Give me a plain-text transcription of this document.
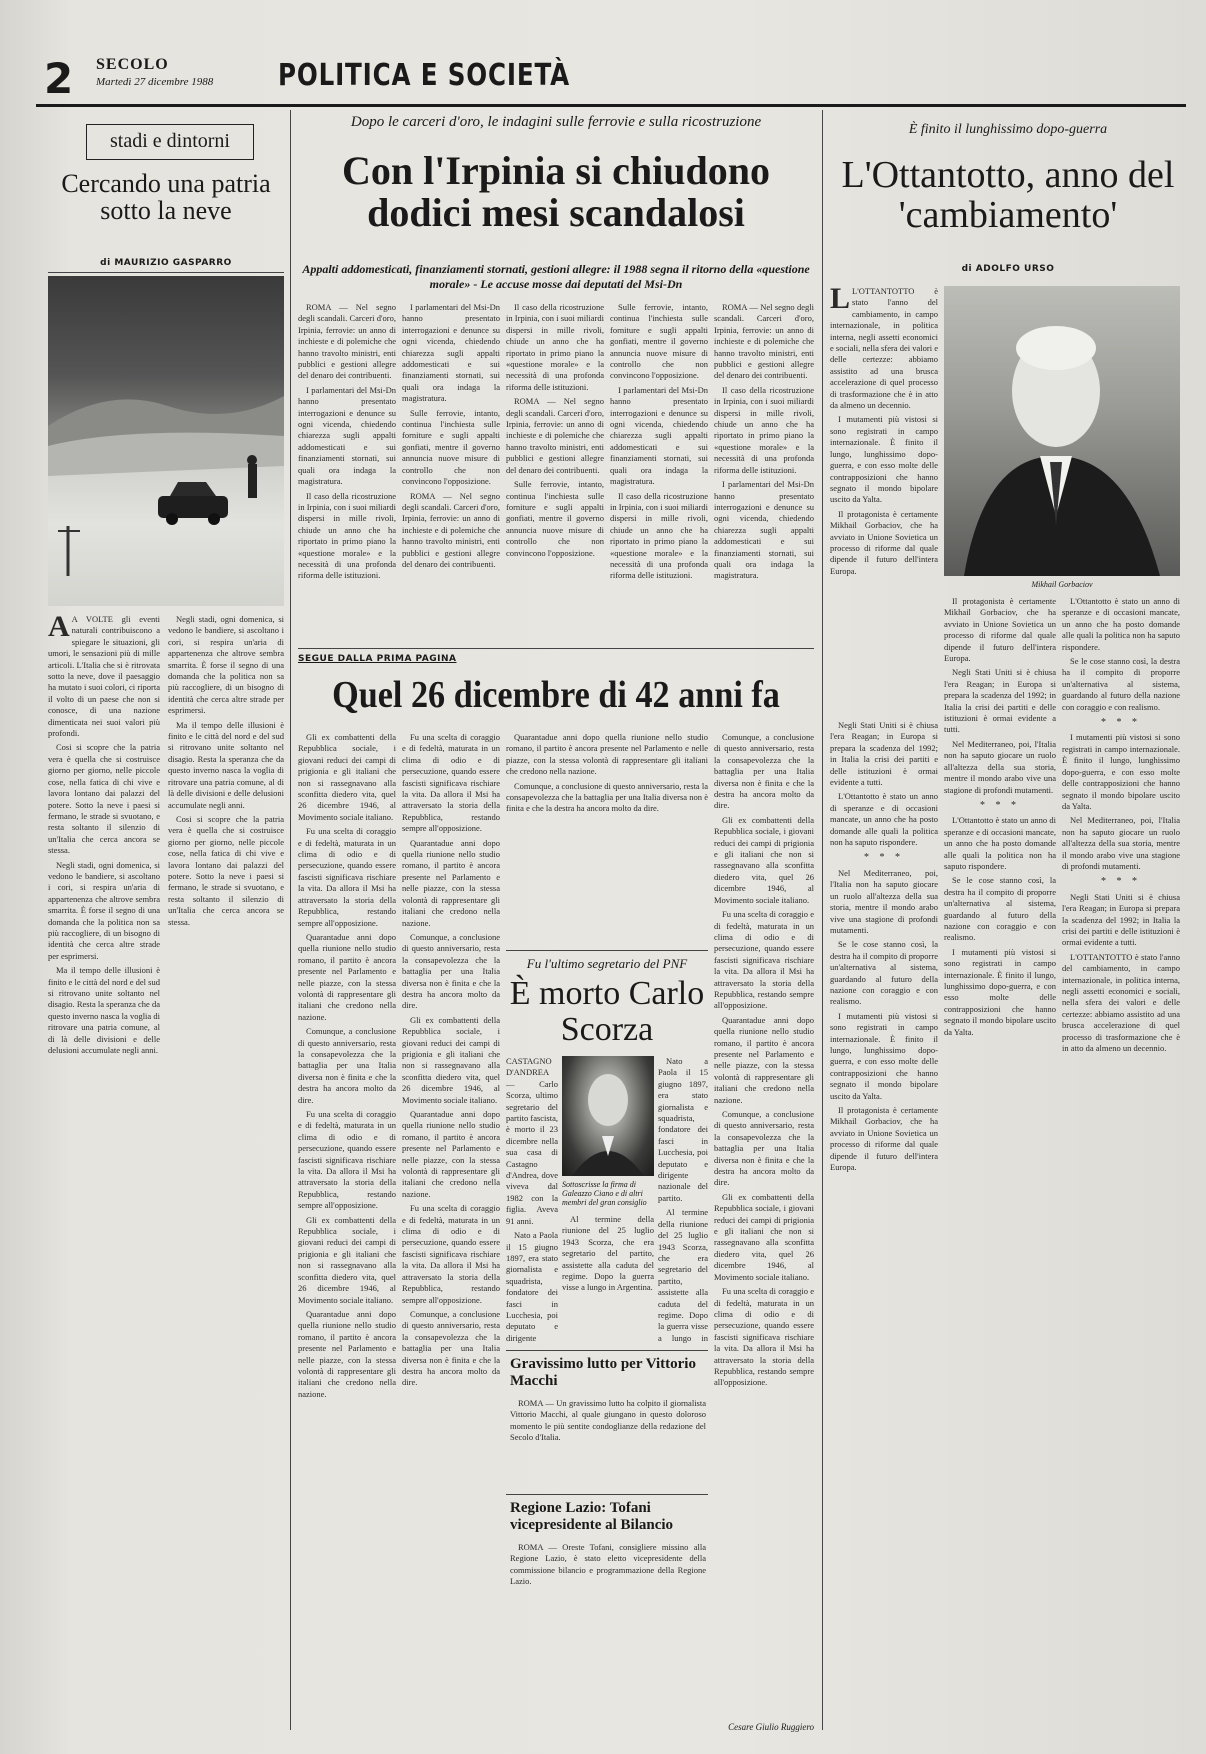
2 SECOLO
Martedì 27 dicembre 1988 POLITICA E SOCIETÀ
stadi e dintorni
Cercando una patria sotto la neve
di MAURIZIO GASPARRO

A A VOLTE gli eventi naturali contribuiscono a spiegare le situazioni, gli umori, le sensazioni più di mille articoli. L'Italia che si è ritrovata sotto la neve, dove il paesaggio ha mutato i suoi colori, ci riporta il volto di un paese che non si conosce, di una nazione dimenticata nei suoi valori più profondi.

Cosi si scopre che la patria vera è quella che si costruisce giorno per giorno, nelle piccole cose, nella fatica di chi vive e lavora lontano dai palazzi del potere. Sotto la neve i paesi si fermano, le strade si svuotano, e resta soltanto il silenzio di un'Italia che cerca ancora se stessa.

Negli stadi, ogni domenica, si vedono le bandiere, si ascoltano i cori, si respira un'aria di appartenenza che altrove sembra smarrita. È forse il segno di una domanda che la politica non sa più raccogliere, di un bisogno di identità che cerca altre strade per esprimersi.

Ma il tempo delle illusioni è finito e le città del nord e del sud si ritrovano unite soltanto nel disagio. Resta la speranza che da questo inverno nasca la voglia di ritrovare una patria comune, al di là delle divisioni e delle delusioni accumulate negli anni.

Negli stadi, ogni domenica, si vedono le bandiere, si ascoltano i cori, si respira un'aria di appartenenza che altrove sembra smarrita. È forse il segno di una domanda che la politica non sa più raccogliere, di un bisogno di identità che cerca altre strade per esprimersi.

Ma il tempo delle illusioni è finito e le città del nord e del sud si ritrovano unite soltanto nel disagio. Resta la speranza che da questo inverno nasca la voglia di ritrovare una patria comune, al di là delle divisioni e delle delusioni accumulate negli anni.

Cosi si scopre che la patria vera è quella che si costruisce giorno per giorno, nelle piccole cose, nella fatica di chi vive e lavora lontano dai palazzi del potere. Sotto la neve i paesi si fermano, le strade si svuotano, e resta soltanto il silenzio di un'Italia che cerca ancora se stessa.

Dopo le carceri d'oro, le indagini sulle ferrovie e sulla ricostruzione
Con l'Irpinia si chiudono dodici mesi scandalosi
Appalti addomesticati, finanziamenti stornati, gestioni allegre: il 1988 segna il ritorno della «questione morale» - Le accuse mosse dai deputati del Msi-Dn

ROMA — Nel segno degli scandali. Carceri d'oro, Irpinia, ferrovie: un anno di inchieste e di polemiche che hanno travolto ministri, enti pubblici e gestioni allegre del denaro dei contribuenti.

I parlamentari del Msi-Dn hanno presentato interrogazioni e denunce su ogni vicenda, chiedendo chiarezza sugli appalti addomesticati e sui finanziamenti stornati, sui quali ora indaga la magistratura.

Il caso della ricostruzione in Irpinia, con i suoi miliardi dispersi in mille rivoli, chiude un anno che ha riportato in primo piano la «questione morale» e la necessità di una profonda riforma delle istituzioni.

I parlamentari del Msi-Dn hanno presentato interrogazioni e denunce su ogni vicenda, chiedendo chiarezza sugli appalti addomesticati e sui finanziamenti stornati, sui quali ora indaga la magistratura.

Sulle ferrovie, intanto, continua l'inchiesta sulle forniture e sugli appalti gonfiati, mentre il governo annuncia nuove misure di controllo che non convincono l'opposizione.

ROMA — Nel segno degli scandali. Carceri d'oro, Irpinia, ferrovie: un anno di inchieste e di polemiche che hanno travolto ministri, enti pubblici e gestioni allegre del denaro dei contribuenti.

Il caso della ricostruzione in Irpinia, con i suoi miliardi dispersi in mille rivoli, chiude un anno che ha riportato in primo piano la «questione morale» e la necessità di una profonda riforma delle istituzioni.

ROMA — Nel segno degli scandali. Carceri d'oro, Irpinia, ferrovie: un anno di inchieste e di polemiche che hanno travolto ministri, enti pubblici e gestioni allegre del denaro dei contribuenti.

Sulle ferrovie, intanto, continua l'inchiesta sulle forniture e sugli appalti gonfiati, mentre il governo annuncia nuove misure di controllo che non convincono l'opposizione.

Sulle ferrovie, intanto, continua l'inchiesta sulle forniture e sugli appalti gonfiati, mentre il governo annuncia nuove misure di controllo che non convincono l'opposizione.

I parlamentari del Msi-Dn hanno presentato interrogazioni e denunce su ogni vicenda, chiedendo chiarezza sugli appalti addomesticati e sui finanziamenti stornati, sui quali ora indaga la magistratura.

Il caso della ricostruzione in Irpinia, con i suoi miliardi dispersi in mille rivoli, chiude un anno che ha riportato in primo piano la «questione morale» e la necessità di una profonda riforma delle istituzioni.

ROMA — Nel segno degli scandali. Carceri d'oro, Irpinia, ferrovie: un anno di inchieste e di polemiche che hanno travolto ministri, enti pubblici e gestioni allegre del denaro dei contribuenti.

Il caso della ricostruzione in Irpinia, con i suoi miliardi dispersi in mille rivoli, chiude un anno che ha riportato in primo piano la «questione morale» e la necessità di una profonda riforma delle istituzioni.

I parlamentari del Msi-Dn hanno presentato interrogazioni e denunce su ogni vicenda, chiedendo chiarezza sugli appalti addomesticati e sui finanziamenti stornati, sui quali ora indaga la magistratura.

SEGUE DALLA PRIMA PAGINA
Quel 26 dicembre di 42 anni fa

Gli ex combattenti della Repubblica sociale, i giovani reduci dei campi di prigionia e gli italiani che non si rassegnavano alla sconfitta diedero vita, quel 26 dicembre 1946, al Movimento sociale italiano.

Fu una scelta di coraggio e di fedeltà, maturata in un clima di odio e di persecuzione, quando essere fascisti significava rischiare la vita. Da allora il Msi ha attraversato la storia della Repubblica, restando sempre all'opposizione.

Quarantadue anni dopo quella riunione nello studio romano, il partito è ancora presente nel Parlamento e nelle piazze, con la stessa volontà di rappresentare gli italiani che credono nella nazione.

Comunque, a conclusione di questo anniversario, resta la consapevolezza che la battaglia per una Italia diversa non è finita e che la destra ha ancora molto da dire.

Fu una scelta di coraggio e di fedeltà, maturata in un clima di odio e di persecuzione, quando essere fascisti significava rischiare la vita. Da allora il Msi ha attraversato la storia della Repubblica, restando sempre all'opposizione.

Gli ex combattenti della Repubblica sociale, i giovani reduci dei campi di prigionia e gli italiani che non si rassegnavano alla sconfitta diedero vita, quel 26 dicembre 1946, al Movimento sociale italiano.

Quarantadue anni dopo quella riunione nello studio romano, il partito è ancora presente nel Parlamento e nelle piazze, con la stessa volontà di rappresentare gli italiani che credono nella nazione.

Fu una scelta di coraggio e di fedeltà, maturata in un clima di odio e di persecuzione, quando essere fascisti significava rischiare la vita. Da allora il Msi ha attraversato la storia della Repubblica, restando sempre all'opposizione.

Quarantadue anni dopo quella riunione nello studio romano, il partito è ancora presente nel Parlamento e nelle piazze, con la stessa volontà di rappresentare gli italiani che credono nella nazione.

Comunque, a conclusione di questo anniversario, resta la consapevolezza che la battaglia per una Italia diversa non è finita e che la destra ha ancora molto da dire.

Gli ex combattenti della Repubblica sociale, i giovani reduci dei campi di prigionia e gli italiani che non si rassegnavano alla sconfitta diedero vita, quel 26 dicembre 1946, al Movimento sociale italiano.

Quarantadue anni dopo quella riunione nello studio romano, il partito è ancora presente nel Parlamento e nelle piazze, con la stessa volontà di rappresentare gli italiani che credono nella nazione.

Fu una scelta di coraggio e di fedeltà, maturata in un clima di odio e di persecuzione, quando essere fascisti significava rischiare la vita. Da allora il Msi ha attraversato la storia della Repubblica, restando sempre all'opposizione.

Comunque, a conclusione di questo anniversario, resta la consapevolezza che la battaglia per una Italia diversa non è finita e che la destra ha ancora molto da dire.

Quarantadue anni dopo quella riunione nello studio romano, il partito è ancora presente nel Parlamento e nelle piazze, con la stessa volontà di rappresentare gli italiani che credono nella nazione.

Comunque, a conclusione di questo anniversario, resta la consapevolezza che la battaglia per una Italia diversa non è finita e che la destra ha ancora molto da dire.

Comunque, a conclusione di questo anniversario, resta la consapevolezza che la battaglia per una Italia diversa non è finita e che la destra ha ancora molto da dire.

Gli ex combattenti della Repubblica sociale, i giovani reduci dei campi di prigionia e gli italiani che non si rassegnavano alla sconfitta diedero vita, quel 26 dicembre 1946, al Movimento sociale italiano.

Fu una scelta di coraggio e di fedeltà, maturata in un clima di odio e di persecuzione, quando essere fascisti significava rischiare la vita. Da allora il Msi ha attraversato la storia della Repubblica, restando sempre all'opposizione.

Quarantadue anni dopo quella riunione nello studio romano, il partito è ancora presente nel Parlamento e nelle piazze, con la stessa volontà di rappresentare gli italiani che credono nella nazione.

Comunque, a conclusione di questo anniversario, resta la consapevolezza che la battaglia per una Italia diversa non è finita e che la destra ha ancora molto da dire.

Gli ex combattenti della Repubblica sociale, i giovani reduci dei campi di prigionia e gli italiani che non si rassegnavano alla sconfitta diedero vita, quel 26 dicembre 1946, al Movimento sociale italiano.

Fu una scelta di coraggio e di fedeltà, maturata in un clima di odio e di persecuzione, quando essere fascisti significava rischiare la vita. Da allora il Msi ha attraversato la storia della Repubblica, restando sempre all'opposizione.

Fu l'ultimo segretario del PNF
È morto Carlo Scorza

CASTAGNO D'ANDREA — Carlo Scorza, ultimo segretario del partito fascista, è morto il 23 dicembre nella sua casa di Castagno d'Andrea, dove viveva dal 1982 con la figlia. Aveva 91 anni.

Nato a Paola il 15 giugno 1897, era stato giornalista e squadrista, fondatore dei fasci in Lucchesia, poi deputato e dirigente

Sottoscrisse la firma di Galeazzo Ciano e di altri membri del gran consiglio

Nato a Paola il 15 giugno 1897, era stato giornalista e squadrista, fondatore dei fasci in Lucchesia, poi deputato e dirigente nazionale del partito.

Al termine della riunione del 25 luglio 1943 Scorza, che era segretario del partito, assistette alla caduta del regime. Dopo la guerra visse a lungo in

Al termine della riunione del 25 luglio 1943 Scorza, che era segretario del partito, assistette alla caduta del regime. Dopo la guerra visse a lungo in Argentina.

Gravissimo lutto per Vittorio Macchi

ROMA — Un gravissimo lutto ha colpito il giornalista Vittorio Macchi, al quale giungano in questo doloroso momento le più sentite condoglianze della redazione del Secolo d'Italia.

Regione Lazio: Tofani vicepresidente al Bilancio

ROMA — Oreste Tofani, consigliere missino alla Regione Lazio, è stato eletto vicepresidente della commissione bilancio e programmazione della Regione Lazio.

Cesare Giulio Ruggiero
È finito il lunghissimo dopo-guerra
L'Ottantotto, anno del 'cambiamento'
di ADOLFO URSO

L L'OTTANTOTTO è stato l'anno del cambiamento, in campo internazionale, in politica interna, negli assetti economici e sociali, nella sfera dei valori e delle certezze: abbiamo assistito ad una brusca accelerazione di quel processo di trasformazione che è in atto da almeno un decennio.

I mutamenti più vistosi si sono registrati in campo internazionale. È finito il lungo, lunghissimo dopo-guerra, e con esso molte delle contrapposizioni che hanno segnato il mondo bipolare uscito da Yalta.

Il protagonista è certamente Mikhail Gorbaciov, che ha avviato in Unione Sovietica un processo di riforme dal quale dipende il futuro dell'intera Europa.

Mikhail Gorbaciov

Negli Stati Uniti si è chiusa l'era Reagan; in Europa si prepara la scadenza del 1992; in Italia la crisi dei partiti e delle istituzioni è ormai evidente a tutti.

L'Ottantotto è stato un anno di speranze e di occasioni mancate, un anno che ha posto domande alle quali la politica non ha saputo rispondere.

* * *

Nel Mediterraneo, poi, l'Italia non ha saputo giocare un ruolo all'altezza della sua storia, mentre il mondo arabo vive una stagione di profondi mutamenti.

Se le cose stanno così, la destra ha il compito di proporre un'alternativa al sistema, guardando al futuro della nazione con coraggio e con realismo.

I mutamenti più vistosi si sono registrati in campo internazionale. È finito il lungo, lunghissimo dopo-guerra, e con esso molte delle contrapposizioni che hanno segnato il mondo bipolare uscito da Yalta.

Il protagonista è certamente Mikhail Gorbaciov, che ha avviato in Unione Sovietica un processo di riforme dal quale dipende il futuro dell'intera Europa.

Il protagonista è certamente Mikhail Gorbaciov, che ha avviato in Unione Sovietica un processo di riforme dal quale dipende il futuro dell'intera Europa.

Negli Stati Uniti si è chiusa l'era Reagan; in Europa si prepara la scadenza del 1992; in Italia la crisi dei partiti e delle istituzioni è ormai evidente a tutti.

Nel Mediterraneo, poi, l'Italia non ha saputo giocare un ruolo all'altezza della sua storia, mentre il mondo arabo vive una stagione di profondi mutamenti.

* * *

L'Ottantotto è stato un anno di speranze e di occasioni mancate, un anno che ha posto domande alle quali la politica non ha saputo rispondere.

Se le cose stanno così, la destra ha il compito di proporre un'alternativa al sistema, guardando al futuro della nazione con coraggio e con realismo.

I mutamenti più vistosi si sono registrati in campo internazionale. È finito il lungo, lunghissimo dopo-guerra, e con esso molte delle contrapposizioni che hanno segnato il mondo bipolare uscito da Yalta.

L'Ottantotto è stato un anno di speranze e di occasioni mancate, un anno che ha posto domande alle quali la politica non ha saputo rispondere.

Se le cose stanno così, la destra ha il compito di proporre un'alternativa al sistema, guardando al futuro della nazione con coraggio e con realismo.

* * *

I mutamenti più vistosi si sono registrati in campo internazionale. È finito il lungo, lunghissimo dopo-guerra, e con esso molte delle contrapposizioni che hanno segnato il mondo bipolare uscito da Yalta.

Nel Mediterraneo, poi, l'Italia non ha saputo giocare un ruolo all'altezza della sua storia, mentre il mondo arabo vive una stagione di profondi mutamenti.

* * *

Negli Stati Uniti si è chiusa l'era Reagan; in Europa si prepara la scadenza del 1992; in Italia la crisi dei partiti e delle istituzioni è ormai evidente a tutti.

L'OTTANTOTTO è stato l'anno del cambiamento, in campo internazionale, in politica interna, negli assetti economici e sociali, nella sfera dei valori e delle certezze: abbiamo assistito ad una brusca accelerazione di quel processo di trasformazione che è in atto da almeno un decennio.
